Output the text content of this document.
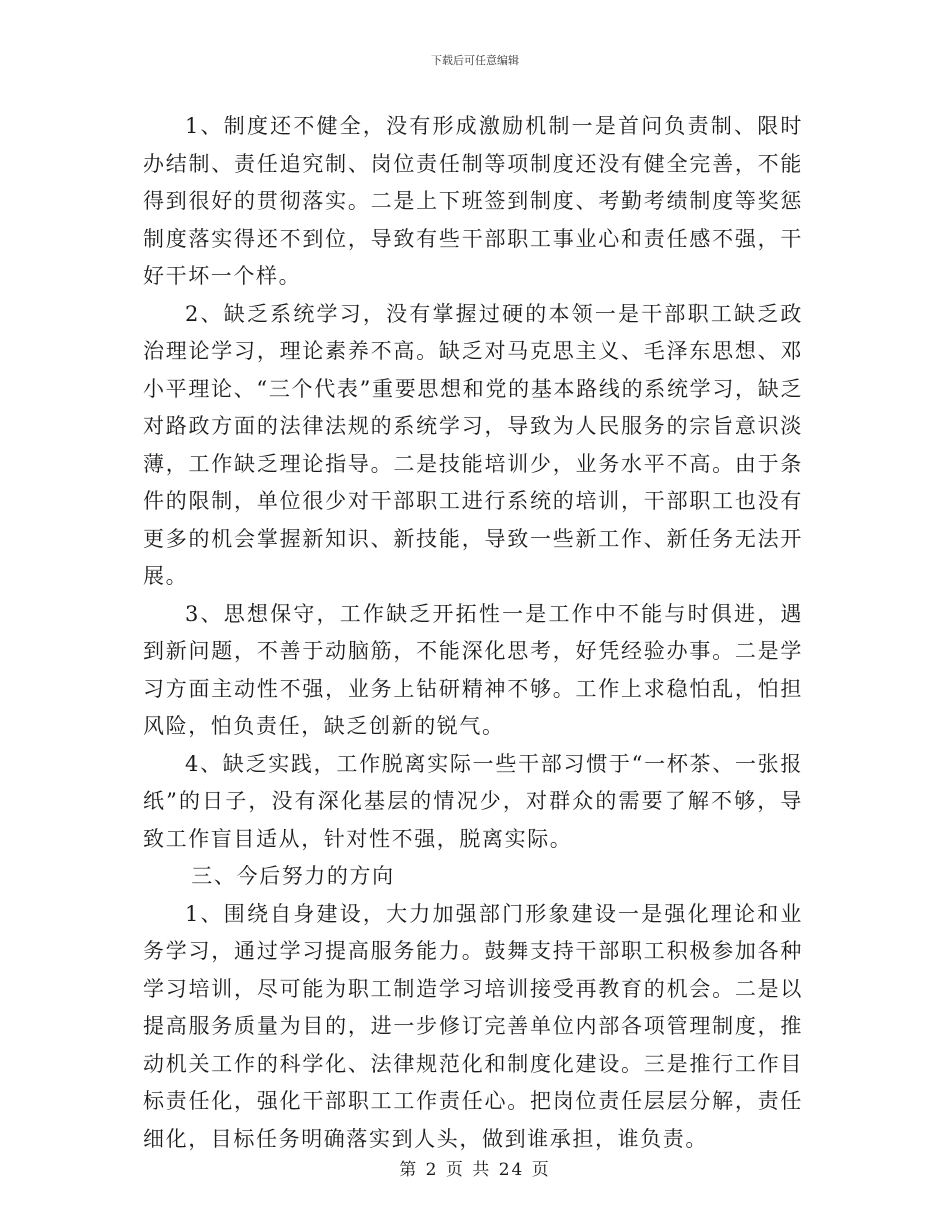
下载后可任意编辑

1、制度还不健全，没有形成激励机制一是首问负责制、限时办结制、责任追究制、岗位责任制等项制度还没有健全完善，不能得到很好的贯彻落实。二是上下班签到制度、考勤考绩制度等奖惩制度落实得还不到位，导致有些干部职工事业心和责任感不强，干好干坏一个样。

2、缺乏系统学习，没有掌握过硬的本领一是干部职工缺乏政治理论学习，理论素养不高。缺乏对马克思主义、毛泽东思想、邓小平理论、“三个代表”重要思想和党的基本路线的系统学习，缺乏对路政方面的法律法规的系统学习，导致为人民服务的宗旨意识淡薄，工作缺乏理论指导。二是技能培训少，业务水平不高。由于条件的限制，单位很少对干部职工进行系统的培训，干部职工也没有更多的机会掌握新知识、新技能，导致一些新工作、新任务无法开展。

3、思想保守，工作缺乏开拓性一是工作中不能与时俱进，遇到新问题，不善于动脑筋，不能深化思考，好凭经验办事。二是学习方面主动性不强，业务上钻研精神不够。工作上求稳怕乱，怕担风险，怕负责任，缺乏创新的锐气。

4、缺乏实践，工作脱离实际一些干部习惯于“一杯茶、一张报纸”的日子，没有深化基层的情况少，对群众的需要了解不够，导致工作盲目适从，针对性不强，脱离实际。

三、今后努力的方向

1、围绕自身建设，大力加强部门形象建设一是强化理论和业务学习，通过学习提高服务能力。鼓舞支持干部职工积极参加各种学习培训，尽可能为职工制造学习培训接受再教育的机会。二是以提高服务质量为目的，进一步修订完善单位内部各项管理制度，推动机关工作的科学化、法律规范化和制度化建设。三是推行工作目标责任化，强化干部职工工作责任心。把岗位责任层层分解，责任细化，目标任务明确落实到人头，做到谁承担，谁负责。

第 2 页 共 24 页
